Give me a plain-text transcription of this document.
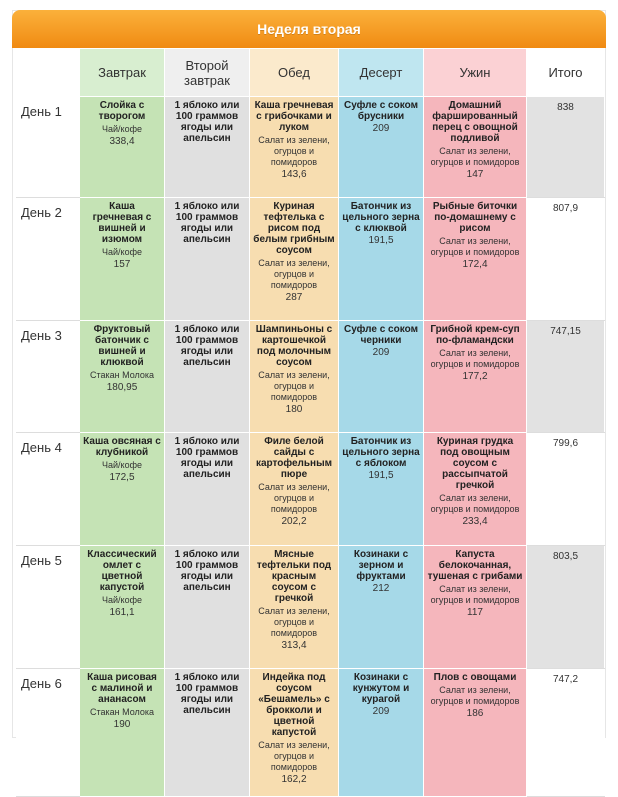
Неделя вторая
	Завтрак	Второй завтрак	Обед	Десерт	Ужин	Итого
День 1	Слойка с творогом
Чай/кофе
338,4	1 яблоко или 100 граммов ягоды или апельсин	Каша гречневая с грибочками и луком
Салат из зелени, огурцов и помидоров
143,6	Суфле с соком брусники
209	Домашний фаршированный перец с овощной подливой
Салат из зелени, огурцов и помидоров
147	838
День 2	Каша гречневая с вишней и изюмом
Чай/кофе
157	1 яблоко или 100 граммов ягоды или апельсин	Куриная тефтелька с рисом под белым грибным соусом
Салат из зелени, огурцов и помидоров
287	Батончик из цельного зерна с клюквой
191,5	Рыбные биточки по-домашнему с рисом
Салат из зелени, огурцов и помидоров
172,4	807,9
День 3	Фруктовый батончик с вишней и клюквой
Стакан Молока
180,95	1 яблоко или 100 граммов ягоды или апельсин	Шампиньоны с картошечкой под молочным соусом
Салат из зелени, огурцов и помидоров
180	Суфле с соком черники
209	Грибной крем-суп по-фламандски
Салат из зелени, огурцов и помидоров
177,2	747,15
День 4	Каша овсяная с клубникой
Чай/кофе
172,5	1 яблоко или 100 граммов ягоды или апельсин	Филе белой сайды с картофельным пюре
Салат из зелени, огурцов и помидоров
202,2	Батончик из цельного зерна с яблоком
191,5	Куриная грудка под овощным соусом с рассыпчатой гречкой
Салат из зелени, огурцов и помидоров
233,4	799,6
День 5	Классический омлет с цветной капустой
Чай/кофе
161,1	1 яблоко или 100 граммов ягоды или апельсин	Мясные тефтельки под красным соусом с гречкой
Салат из зелени, огурцов и помидоров
313,4	Козинаки с зерном и фруктами
212	Капуста белокочанная, тушеная с грибами
Салат из зелени, огурцов и помидоров
117	803,5
День 6	Каша рисовая с малиной и ананасом
Стакан Молока
190	1 яблоко или 100 граммов ягоды или апельсин	Индейка под соусом «Бешамель» с брокколи и цветной капустой
Салат из зелени, огурцов и помидоров
162,2	Козинаки с кунжутом и курагой
209	Плов с овощами
Салат из зелени, огурцов и помидоров
186	747,2
